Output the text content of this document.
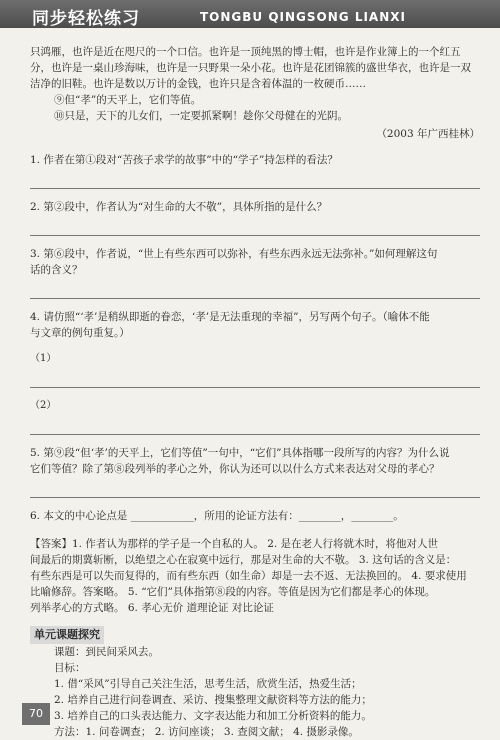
同步轻松练习	TONGBU QINGSONG LIANXI
只鸿雁，也许是近在咫尺的一个口信。也许是一顶纯黑的博士帽，也许是作业簿上的一个红五
分，也许是一桌山珍海味，也许是一只野果一朵小花。也许是花团锦簇的盛世华衣，也许是一双
洁净的旧鞋。也许是数以万计的金钱，也许只是含着体温的一枚硬币……
⑨但“孝”的天平上，它们等值。
⑩只是，天下的儿女们，一定要抓紧啊！趁你父母健在的光阴。
（2003 年广西桂林）
1. 作者在第①段对“苦孩子求学的故事”中的“学子”持怎样的看法？
2. 第②段中，作者认为“对生命的大不敬”，具体所指的是什么？
3. 第⑥段中，作者说，“世上有些东西可以弥补，有些东西永远无法弥补。”如何理解这句
话的含义？
4. 请仿照“‘孝’是稍纵即逝的眷恋，‘孝’是无法重现的幸福”，另写两个句子。（喻体不能
与文章的例句重复。）
（1）
（2）
5. 第⑨段“但‘孝’的天平上，它们等值”一句中，“它们”具体指哪一段所写的内容？为什么说
它们等值？除了第⑧段列举的孝心之外，你认为还可以以什么方式来表达对父母的孝心？
6. 本文的中心论点是 ____________，所用的论证方法有：________，________。
【答案】1. 作者认为那样的学子是一个自私的人。 2. 是在老人行将就木时，将他对人世
间最后的期冀斩断，以绝望之心在寂寞中远行，那是对生命的大不敬。 3. 这句话的含义是：
有些东西是可以失而复得的，而有些东西（如生命）却是一去不返、无法换回的。 4. 要求使用
比喻修辞。答案略。 5. “它们”具体指第⑧段的内容。等值是因为它们都是孝心的体现。
列举孝心的方式略。 6. 孝心无价 道理论证 对比论证
单元课题探究
课题：到民间采风去。
目标：
1. 借“采风”引导自己关注生活，思考生活，欣赏生活，热爱生活；
2. 培养自己进行问卷调查、采访、搜集整理文献资料等方法的能力；
3. 培养自己的口头表达能力、文字表达能力和加工分析资料的能力。
方法：1. 问卷调查； 2. 访问座谈； 3. 查阅文献； 4. 摄影录像。
70
